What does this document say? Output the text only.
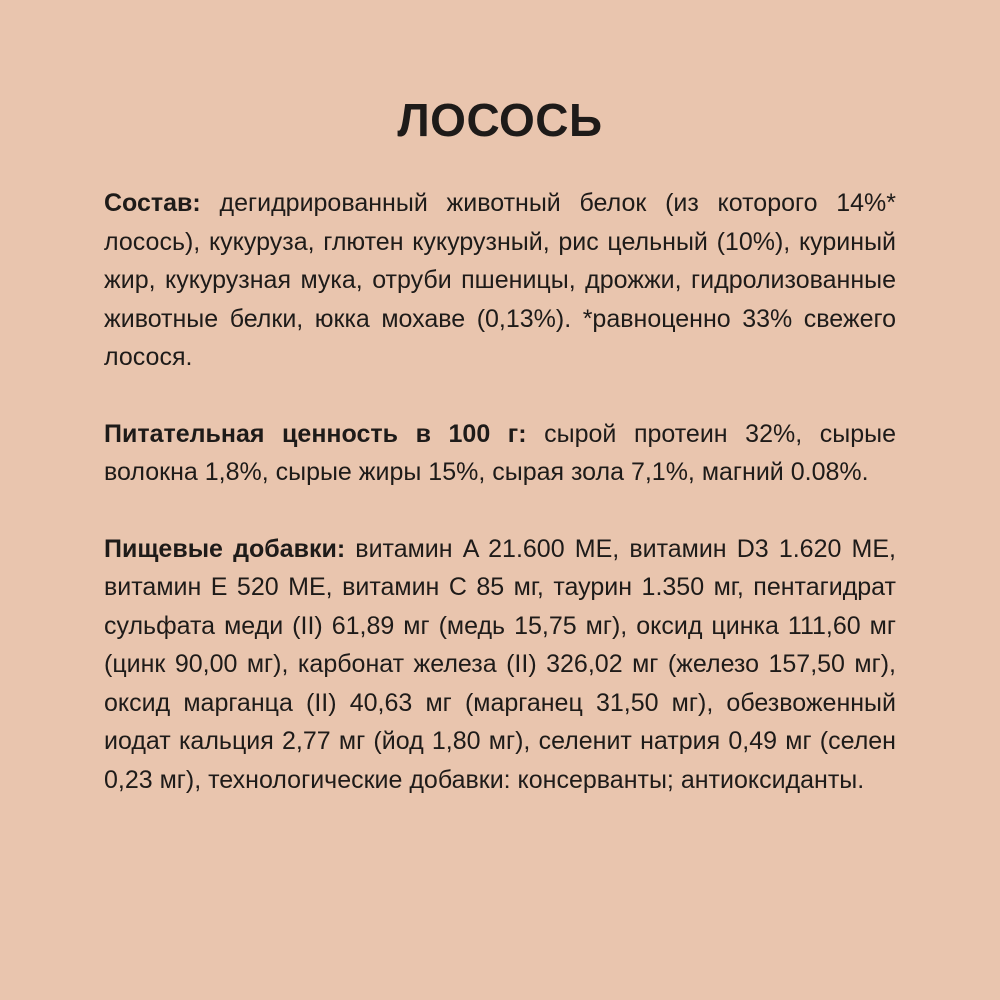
ЛОСОСЬ

Состав: дегидрированный животный белок (из которого 14%* лосось), кукуруза, глютен кукурузный, рис цельный (10%), куриный жир, кукурузная мука, отруби пшеницы, дрожжи, гидролизованные животные белки, юкка мохаве (0,13%). *равноценно 33% свежего лосося.

Питательная ценность в 100 г: сырой протеин 32%, сырые волокна 1,8%, сырые жиры 15%, сырая зола 7,1%, магний 0.08%.

Пищевые добавки: витамин A 21.600 МЕ, витамин D3 1.620 МЕ, витамин E 520 МЕ, витамин C 85 мг, таурин 1.350 мг, пентагидрат сульфата меди (II) 61,89 мг (медь 15,75 мг), оксид цинка 111,60 мг (цинк 90,00 мг), карбонат железа (II) 326,02 мг (железо 157,50 мг), оксид марганца (II) 40,63 мг (марганец 31,50 мг), обезвоженный иодат кальция 2,77 мг (йод 1,80 мг), селенит натрия 0,49 мг (селен 0,23 мг), технологические добавки: консерванты; антиоксиданты.
